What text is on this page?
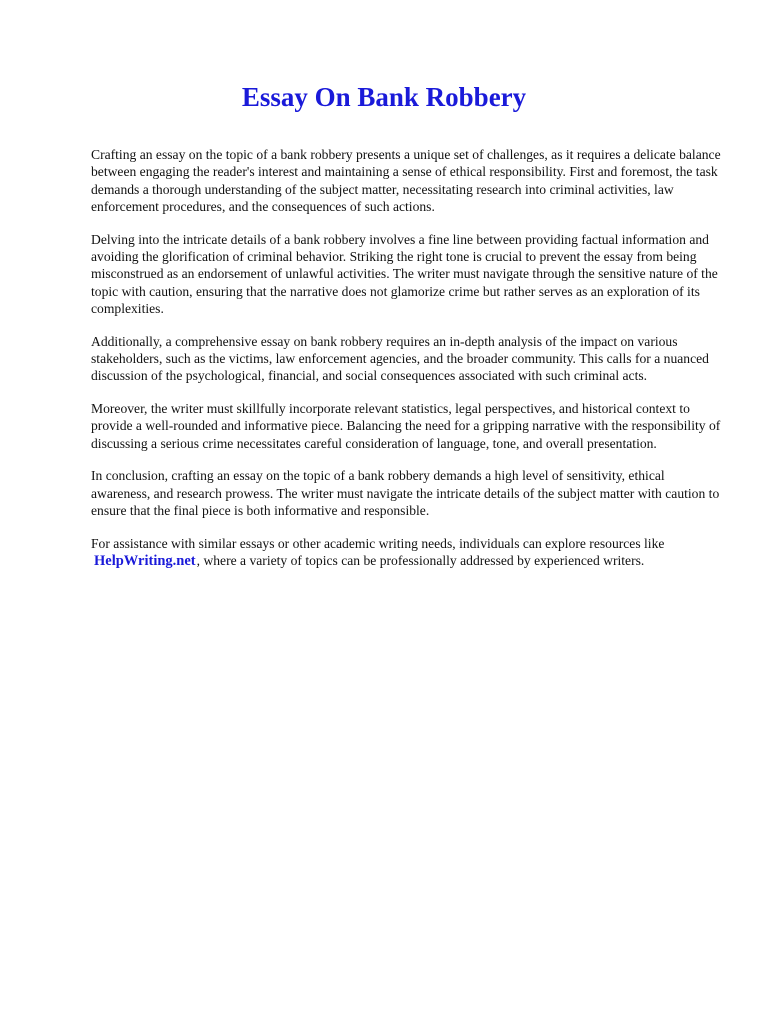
Essay On Bank Robbery

Crafting an essay on the topic of a bank robbery presents a unique set of challenges, as it requires a delicate balance between engaging the reader's interest and maintaining a sense of ethical responsibility. First and foremost, the task demands a thorough understanding of the subject matter, necessitating research into criminal activities, law enforcement procedures, and the consequences of such actions.

Delving into the intricate details of a bank robbery involves a fine line between providing factual information and avoiding the glorification of criminal behavior. Striking the right tone is crucial to prevent the essay from being misconstrued as an endorsement of unlawful activities. The writer must navigate through the sensitive nature of the topic with caution, ensuring that the narrative does not glamorize crime but rather serves as an exploration of its complexities.

Additionally, a comprehensive essay on bank robbery requires an in-depth analysis of the impact on various stakeholders, such as the victims, law enforcement agencies, and the broader community. This calls for a nuanced discussion of the psychological, financial, and social consequences associated with such criminal acts.

Moreover, the writer must skillfully incorporate relevant statistics, legal perspectives, and historical context to provide a well-rounded and informative piece. Balancing the need for a gripping narrative with the responsibility of discussing a serious crime necessitates careful consideration of language, tone, and overall presentation.

In conclusion, crafting an essay on the topic of a bank robbery demands a high level of sensitivity, ethical awareness, and research prowess. The writer must navigate the intricate details of the subject matter with caution to ensure that the final piece is both informative and responsible.

For assistance with similar essays or other academic writing needs, individuals can explore resources like HelpWriting.net, where a variety of topics can be professionally addressed by experienced writers.
